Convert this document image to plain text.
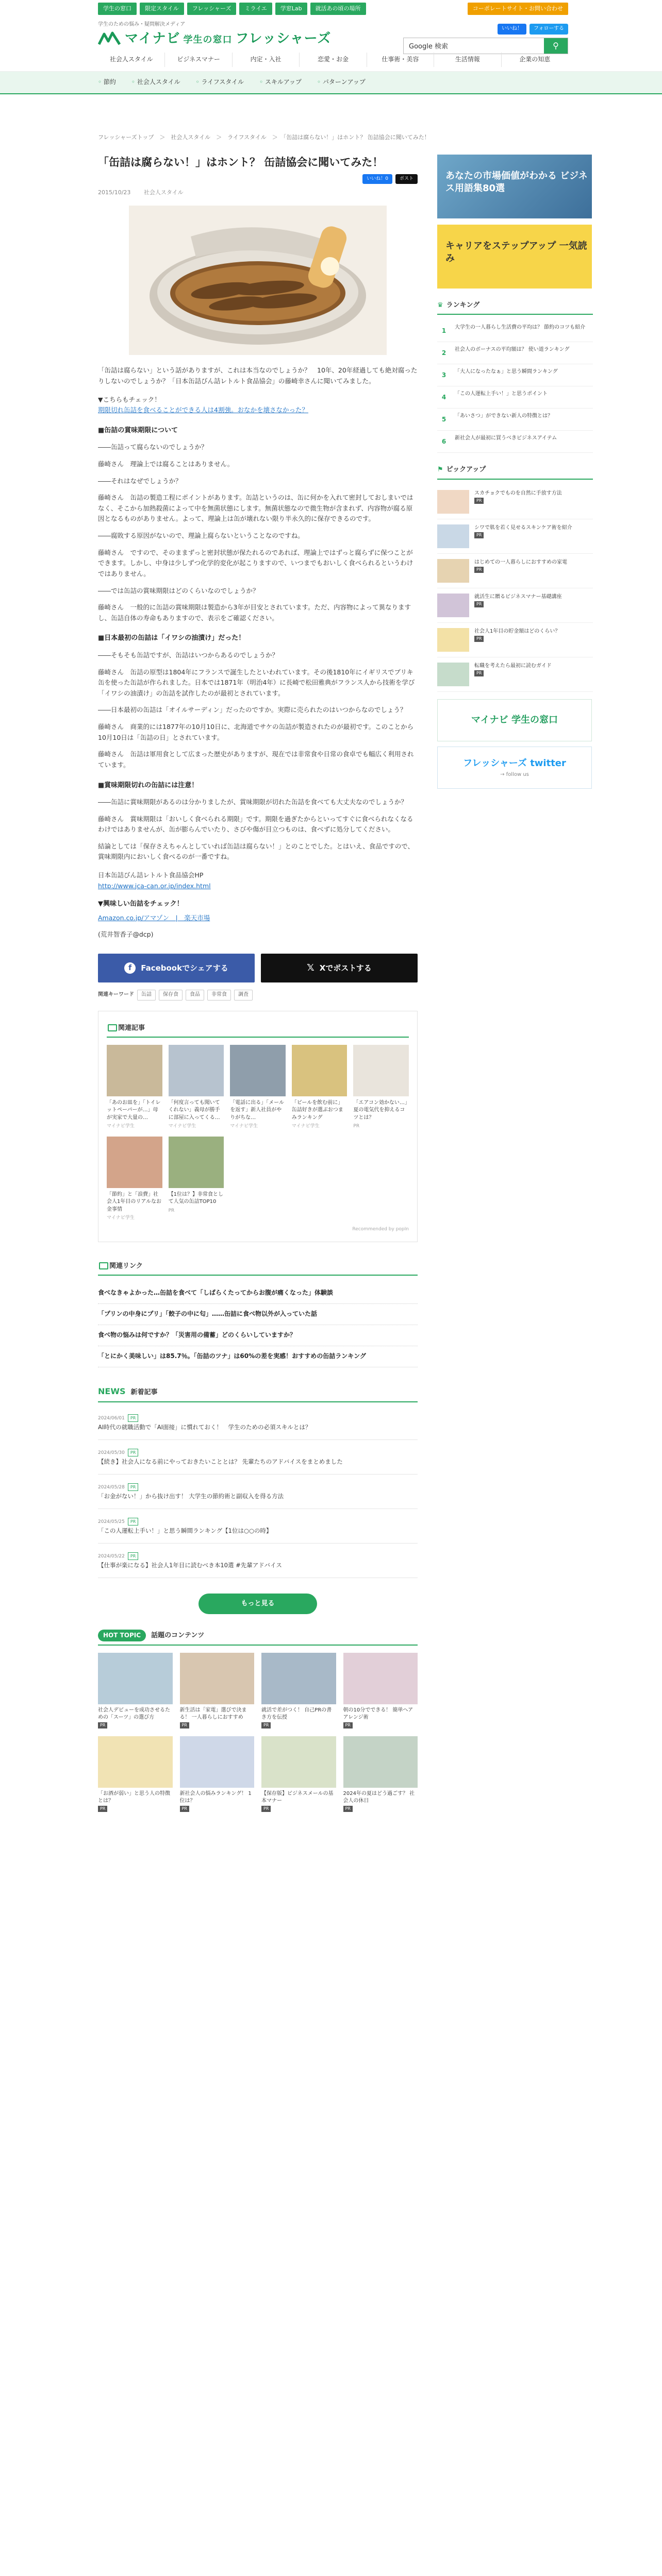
学生の窓口	限定スタイル	フレッシャーズ	ミライエ	学窓Lab	就活あの頃の場所	コーポレートサイト・お問い合わせ
学生のための悩み・疑問解決メディア
マイナビ 学生の窓口 フレッシャーズ
いいね！	フォローする
Google 検索
⚲
社会人スタイル	ビジネスマナー	内定・入社	恋愛・お金	仕事術・美容	生活情報	企業の知恵
◦ 節約	◦ 社会人スタイル	◦ ライフスタイル	◦ スキルアップ	◦ パターンアップ
フレッシャーズトップ　＞　社会人スタイル　＞　ライフスタイル　＞　「缶詰は腐らない！」はホント？ 缶詰協会に聞いてみた！
「缶詰は腐らない！」はホント？ 缶詰協会に聞いてみた！
いいね！0	ポスト
2015/10/23　　 社会人スタイル

「缶詰は腐らない」という話がありますが、これは本当なのでしょうか？　10年、20年経過しても絶対腐ったりしないのでしょうか？「日本缶詰びん詰レトルト食品協会」の藤崎幸さんに聞いてみました。

▼こちらもチェック！
期限切れ缶詰を食べることができる人は4割強。おなかを壊さなかった？

■ 缶詰の賞味期限について

――缶詰って腐らないのでしょうか？

藤崎さん　理論上では腐ることはありません。

――それはなぜでしょうか？

藤崎さん　缶詰の製造工程にポイントがあります。缶詰というのは、缶に何かを入れて密封しておしまいではなく、そこから加熱殺菌によって中を無菌状態にします。無菌状態なので微生物が含まれず、内容物が腐る原因となるものがありません。よって、理論上は缶が壊れない限り半永久的に保存できるのです。

――腐敗する原因がないので、理論上腐らないということなのですね。

藤崎さん　ですので、そのままずっと密封状態が保たれるのであれば、理論上ではずっと腐らずに保つことができます。しかし、中身は少しずつ化学的変化が起こりますので、いつまでもおいしく食べられるというわけではありません。

――では缶詰の賞味期限はどのくらいなのでしょうか？

藤崎さん　一般的に缶詰の賞味期限は製造から3年が目安とされています。ただ、内容物によって異なりますし、缶詰自体の寿命もありますので、表示をご確認ください。

■ 日本最初の缶詰は「イワシの油漬け」だった！

――そもそも缶詰ですが、缶詰はいつからあるのでしょうか？

藤崎さん　缶詰の原型は1804年にフランスで誕生したといわれています。その後1810年にイギリスでブリキ缶を使った缶詰が作られました。日本では1871年（明治4年）に長崎で松田雅典がフランス人から技術を学び「イワシの油漬け」の缶詰を試作したのが最初とされています。

――日本最初の缶詰は「オイルサーディン」だったのですか。実際に売られたのはいつからなのでしょう？

藤崎さん　商業的には1877年の10月10日に、北海道でサケの缶詰が製造されたのが最初です。このことから10月10日は「缶詰の日」とされています。

藤崎さん　缶詰は軍用食として広まった歴史がありますが、現在では非常食や日常の食卓でも幅広く利用されています。

■ 賞味期限切れの缶詰には注意！

――缶詰に賞味期限があるのは分かりましたが、賞味期限が切れた缶詰を食べても大丈夫なのでしょうか？

藤崎さん　賞味期限は「おいしく食べられる期限」です。期限を過ぎたからといってすぐに食べられなくなるわけではありませんが、缶が膨らんでいたり、さびや傷が目立つものは、食べずに処分してください。

結論としては「保存さえちゃんとしていれば缶詰は腐らない！」とのことでした。とはいえ、食品ですので、賞味期限内においしく食べるのが一番ですね。

日本缶詰びん詰レトルト食品協会HP
http://www.jca-can.or.jp/index.html

▼興味しい缶詰をチェック！

Amazon.co.jp/アマゾン　|　楽天市場

(荒井智香子@dcp)

f	Facebookでシェアする	𝕏 Xでポストする
関連キーワード	缶詰	保存食	食品	非常食	調査
関連記事
「あのお皿を」「トイレットペーパーが…」母が実家で大量の…
マイナビ学生
「何度言っても聞いてくれない」義母が勝手に部屋に入ってくる…
マイナビ学生
「電話に出る」「メールを返す」新人社員がやりがちな…
マイナビ学生
「ビールを飲む前に」缶詰好きが選ぶおつまみランキング
マイナビ学生
「エアコン効かない…」夏の電気代を抑えるコツとは？
PR
「節約」と「浪費」社会人1年目のリアルなお金事情
マイナビ学生
【1位は？】非常食として人気の缶詰TOP10
PR
Recommended by popIn
関連リンク
食べなきゃよかった…缶詰を食べて「しばらくたってからお腹が痛くなった」体験談
「プリンの中身にプリ」「餃子の中に匂」……缶詰に食べ物以外が入っていた話
食べ物の悩みは何ですか？「災害用の備蓄」どのくらいしていますか？
「とにかく美味しい」は85.7％。「缶詰のツナ」は60%の差を実感！おすすめの缶詰ランキング
NEWS 新着記事
2024/06/01 PR
AI時代の就職活動で「AI面接」に慣れておく！　学生のための必須スキルとは？
2024/05/30 PR
【続き】社会人になる前にやっておきたいこととは？ 先輩たちのアドバイスをまとめました
2024/05/28 PR
「お金がない！」から抜け出す！ 大学生の節約術と副収入を得る方法
2024/05/25 PR
「この人運転上手い！」と思う瞬間ランキング【1位は○○の時】
2024/05/22 PR
【仕事が楽になる】社会人1年目に読むべき本10選 #先輩アドバイス
もっと見る
HOT TOPIC	話題のコンテンツ
社会人デビューを成功させるための「スーツ」の選び方
PR
新生活は「家電」選びで決まる！ 一人暮らしにおすすめ
PR
就活で差がつく！ 自己PRの書き方を伝授
PR
朝の10分でできる！ 簡単ヘアアレンジ術
PR
「お酒が弱い」と思う人の特徴とは？
PR
新社会人の悩みランキング！ 1位は？
PR
【保存版】ビジネスメールの基本マナー
PR
2024年の夏はどう過ごす？ 社会人の休日
PR
あなたの市場価値がわかる ビジネス用語集80選
キャリアをステップアップ 一気読み
♛ ランキング
1	大学生の一人暮らし生活費の平均は？ 節約のコツも紹介
2	社会人のボーナスの平均額は？ 使い道ランキング
3	「大人になったなぁ」と思う瞬間ランキング
4	「この人運転上手い！」と思うポイント
5	「あいさつ」ができない新人の特徴とは？
6	新社会人が最初に買うべきビジネスアイテム
⚑ ピックアップ
スカチョクでものを自然に手放す方法
PR
シワで肌を若く見せるスキンケア術を紹介
PR
はじめての一人暮らしにおすすめの家電
PR
就活生に贈るビジネスマナー基礎講座
PR
社会人1年目の貯金額はどのくらい？
PR
転職を考えたら最初に読むガイド
PR
マイナビ 学生の窓口
フレッシャーズ twitter
→ follow us
